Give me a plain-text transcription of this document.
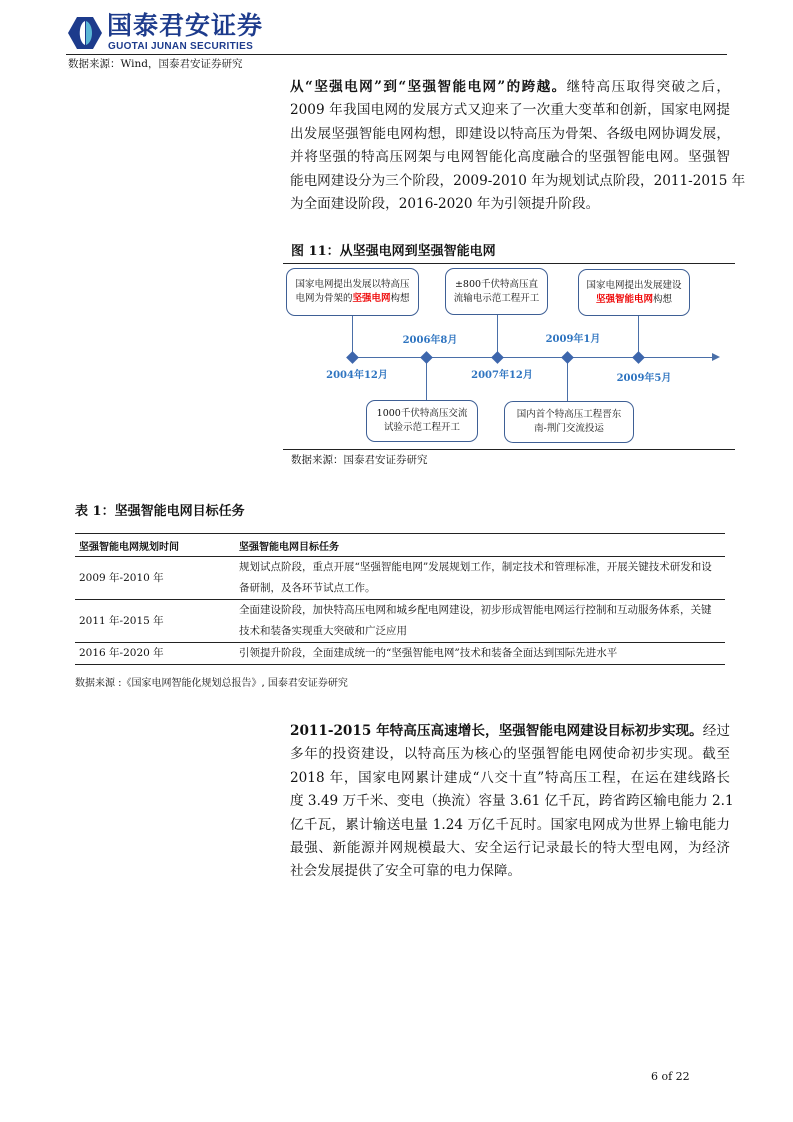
国泰君安证券
GUOTAI JUNAN SECURITIES
数据来源：Wind，国泰君安证券研究
从“坚强电网”到“坚强智能电网”的跨越。继特高压取得突破之后，
2009 年我国电网的发展方式又迎来了一次重大变革和创新，国家电网提
出发展坚强智能电网构想，即建设以特高压为骨架、各级电网协调发展，
并将坚强的特高压网架与电网智能化高度融合的坚强智能电网。坚强智
能电网建设分为三个阶段，2009-2010 年为规划试点阶段，2011-2015 年
为全面建设阶段，2016-2020 年为引领提升阶段。
图 11：从坚强电网到坚强智能电网
2004年12月
2006年8月
2007年12月
2009年1月
2009年5月
国家电网提出发展以特高压电网为骨架的坚强电网构想
±800千伏特高压直流输电示范工程开工
国家电网提出发展建设坚强智能电网构想
1000千伏特高压交流试验示范工程开工
国内首个特高压工程晋东南-荆门交流投运
数据来源：国泰君安证券研究
表 1：坚强智能电网目标任务
坚强智能电网规划时间	坚强智能电网目标任务
2009 年-2010 年	规划试点阶段，重点开展“坚强智能电网”发展规划工作，制定技术和管理标准，开展关键技术研发和设备研制，及各环节试点工作。
2011 年-2015 年	全面建设阶段，加快特高压电网和城乡配电网建设，初步形成智能电网运行控制和互动服务体系，关键技术和装备实现重大突破和广泛应用
2016 年-2020 年	引领提升阶段，全面建成统一的“坚强智能电网”技术和装备全面达到国际先进水平
数据来源 :《国家电网智能化规划总报告》, 国泰君安证券研究
2011-2015 年特高压高速增长，坚强智能电网建设目标初步实现。经过
多年的投资建设，以特高压为核心的坚强智能电网使命初步实现。截至
2018 年，国家电网累计建成“八交十直”特高压工程，在运在建线路长
度 3.49 万千米、变电（换流）容量 3.61 亿千瓦，跨省跨区输电能力 2.1
亿千瓦，累计输送电量 1.24 万亿千瓦时。国家电网成为世界上输电能力
最强、新能源并网规模最大、安全运行记录最长的特大型电网，为经济
社会发展提供了安全可靠的电力保障。
6 of 22
